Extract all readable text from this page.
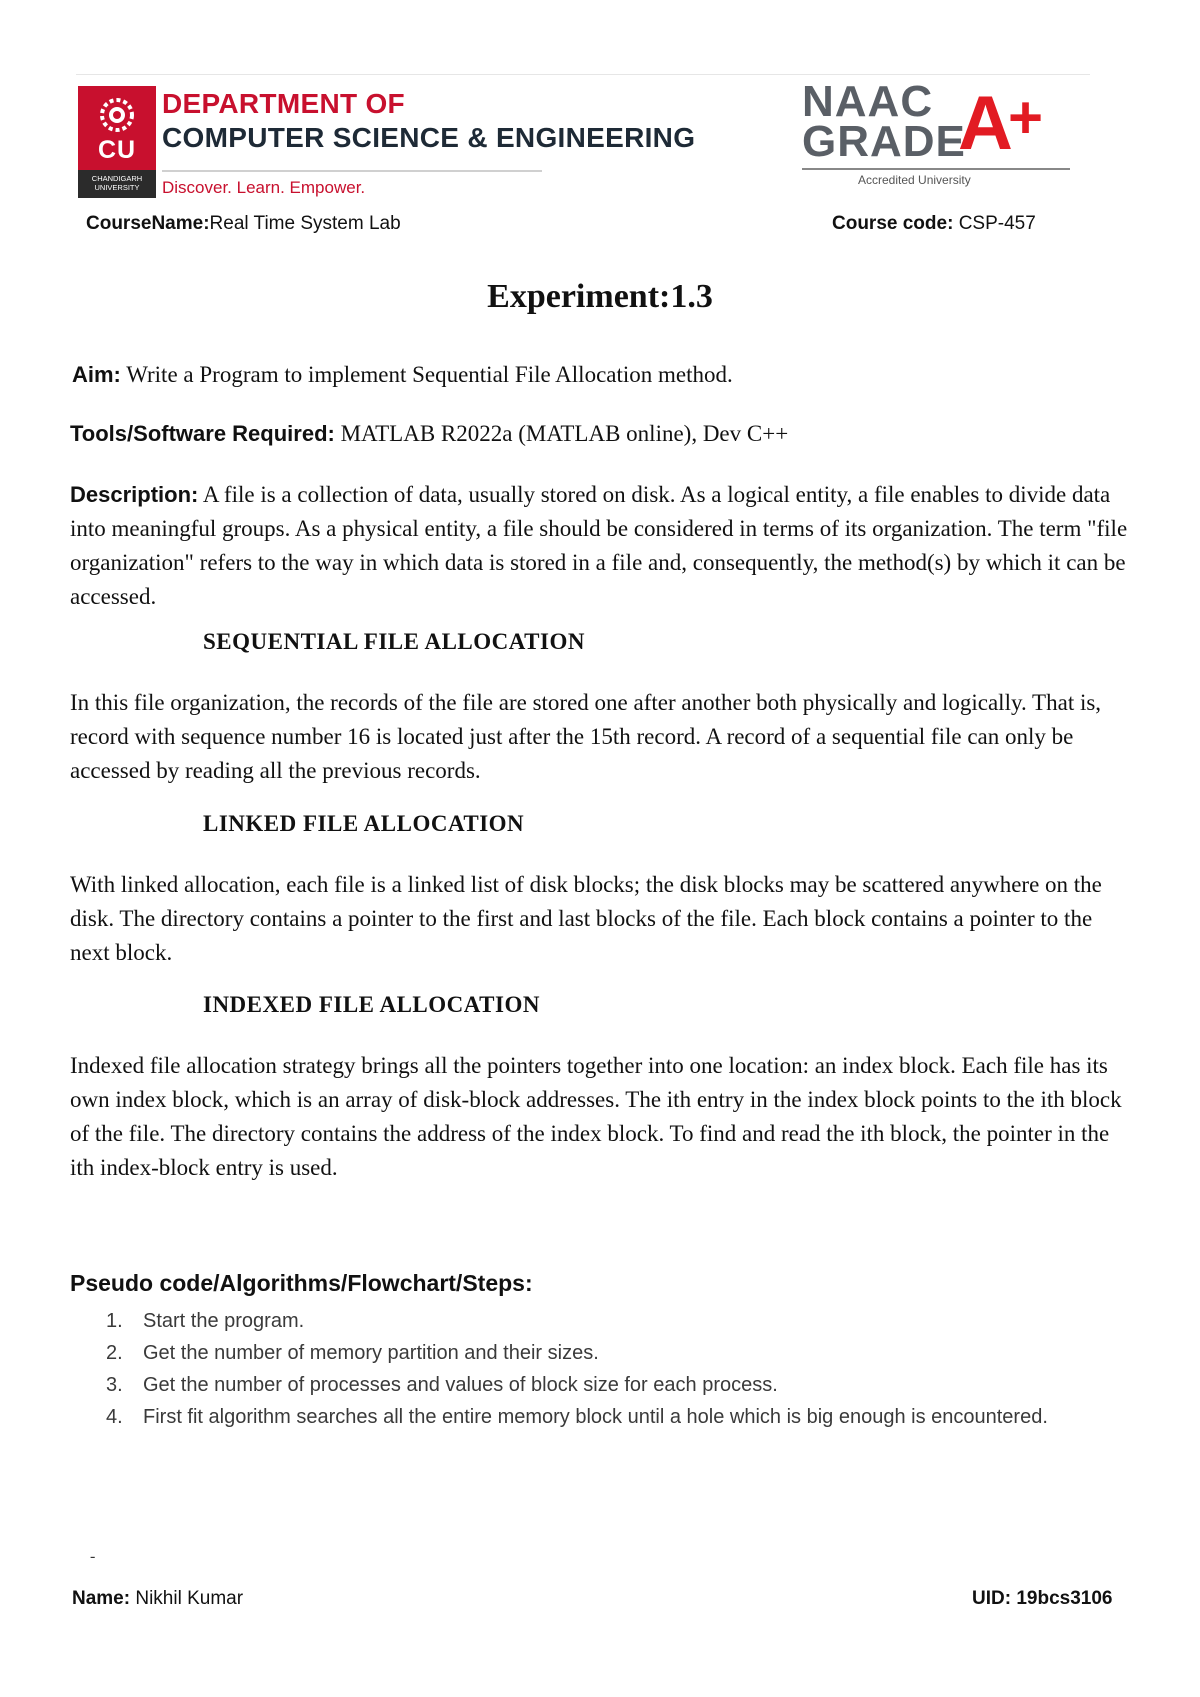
CU
CHANDIGARH UNIVERSITY
DEPARTMENT OF
COMPUTER SCIENCE & ENGINEERING
Discover. Learn. Empower.
NAAC
GRADE
A
+
Accredited University
CourseName:Real Time System Lab	Course code: CSP-457
Experiment:1.3
Aim: Write a Program to implement Sequential File Allocation method.
Tools/Software Required: MATLAB R2022a (MATLAB online), Dev C++
Description: A file is a collection of data, usually stored on disk. As a logical entity, a file enables to divide data into meaningful groups. As a physical entity, a file should be considered in terms of its organization. The term "file organization" refers to the way in which data is stored in a file and, consequently, the method(s) by which it can be accessed.
SEQUENTIAL FILE ALLOCATION
In this file organization, the records of the file are stored one after another both physically and logically. That is, record with sequence number 16 is located just after the 15th record. A record of a sequential file can only be accessed by reading all the previous records.
LINKED FILE ALLOCATION
With linked allocation, each file is a linked list of disk blocks; the disk blocks may be scattered anywhere on the disk. The directory contains a pointer to the first and last blocks of the file. Each block contains a pointer to the next block.
INDEXED FILE ALLOCATION
Indexed file allocation strategy brings all the pointers together into one location: an index block. Each file has its own index block, which is an array of disk-block addresses. The ith entry in the index block points to the ith block of the file. The directory contains the address of the index block. To find and read the ith block, the pointer in the ith index-block entry is used.
Pseudo code/Algorithms/Flowchart/Steps:
1. Start the program.
2. Get the number of memory partition and their sizes.
3. Get the number of processes and values of block size for each process.
4. First fit algorithm searches all the entire memory block until a hole which is big enough is encountered.
-
Name: Nikhil Kumar	UID: 19bcs3106
